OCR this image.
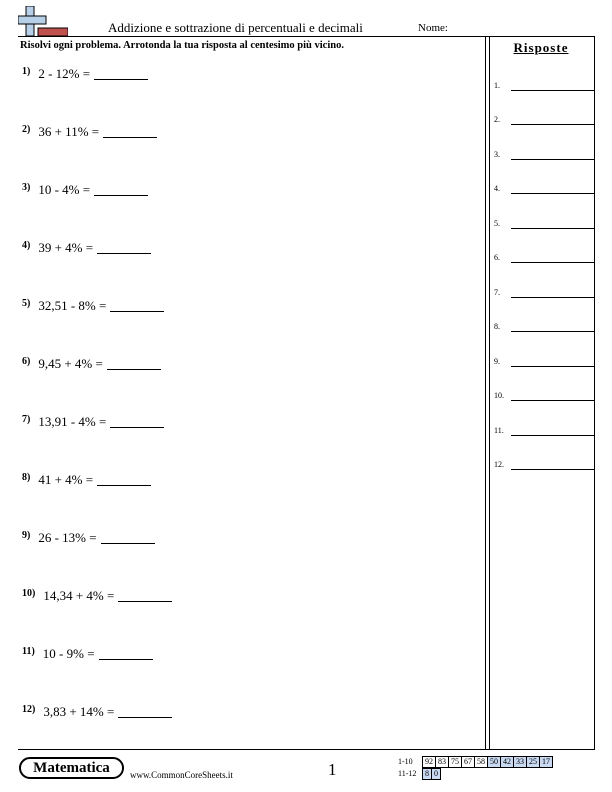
Addizione e sottrazione di percentuali e decimali	Nome:
Risolvi ogni problema. Arrotonda la tua risposta al centesimo più vicino.	Risposte
1) 2 - 12% =
2) 36 + 11% =
3) 10 - 4% =
4) 39 + 4% =
5) 32,51 - 8% =
6) 9,45 + 4% =
7) 13,91 - 4% =
8) 41 + 4% =
9) 26 - 13% =
10) 14,34 + 4% =
11) 10 - 9% =
12) 3,83 + 14% =
1.
2.
3.
4.
5.
6.
7.
8.
9.
10.
11.
12.
Matematica	www.CommonCoreSheets.it	1	1-10 92	83	75	67	58	50	42	33	25	17
11-12 8	0
